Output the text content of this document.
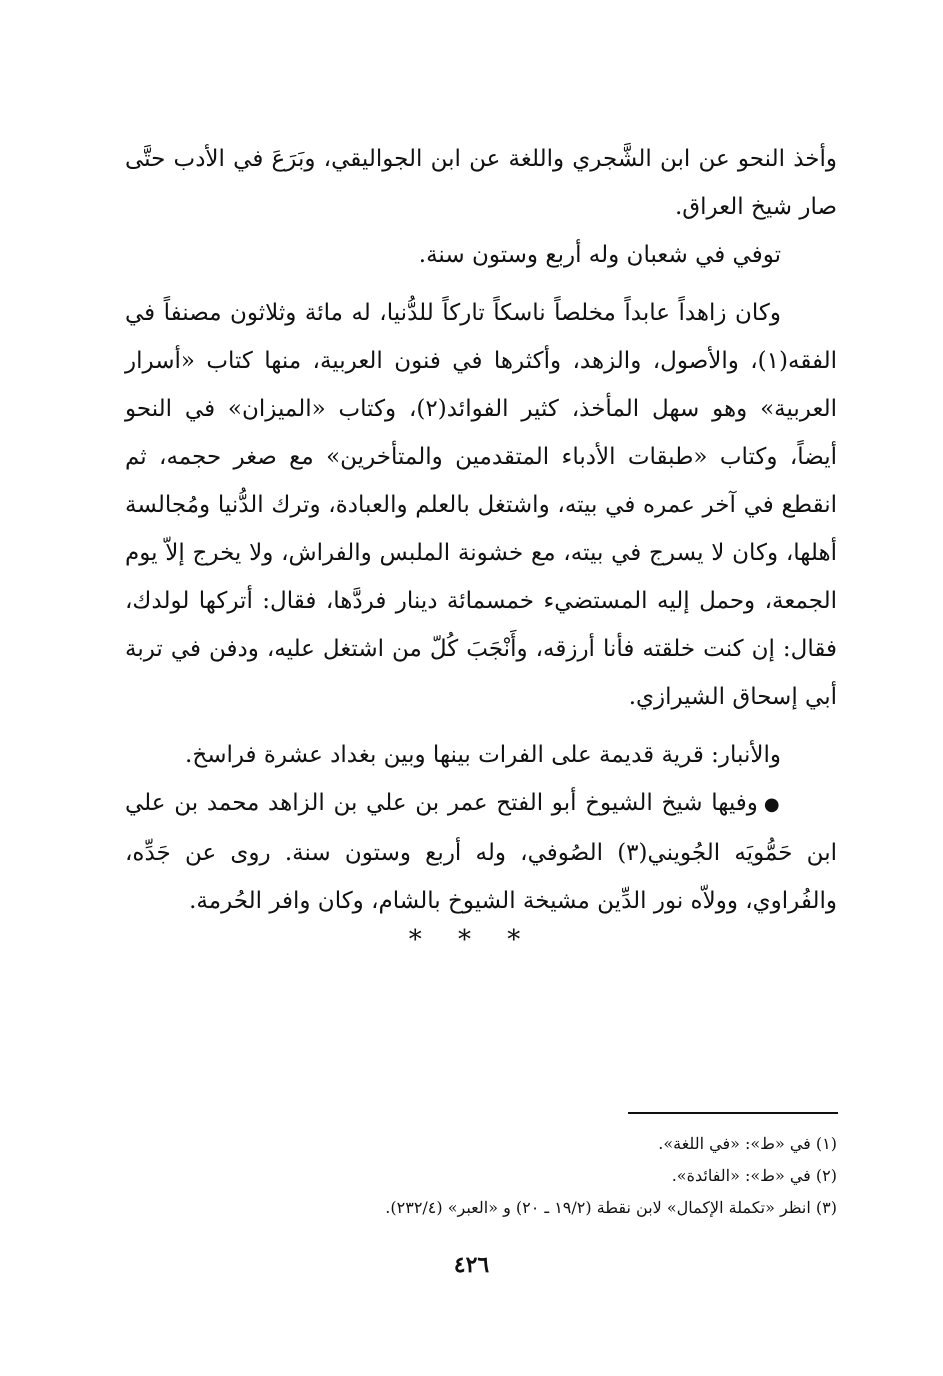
وأخذ النحو عن ابن الشَّجري واللغة عن ابن الجواليقي، وبَرَعَ في الأدب حتَّى صار شيخ العراق.

توفي في شعبان وله أربع وستون سنة.

وكان زاهداً عابداً مخلصاً ناسكاً تاركاً للدُّنيا، له مائة وثلاثون مصنفاً في الفقه(١)، والأصول، والزهد، وأكثرها في فنون العربية، منها كتاب «أسرار العربية» وهو سهل المأخذ، كثير الفوائد(٢)، وكتاب «الميزان» في النحو أيضاً، وكتاب «طبقات الأدباء المتقدمين والمتأخرين» مع صغر حجمه، ثم انقطع في آخر عمره في بيته، واشتغل بالعلم والعبادة، وترك الدُّنيا ومُجالسة أهلها، وكان لا يسرج في بيته، مع خشونة الملبس والفراش، ولا يخرج إلاّ يوم الجمعة، وحمل إليه المستضيء خمسمائة دينار فردَّها، فقال: أتركها لولدك، فقال: إن كنت خلقته فأنا أرزقه، وأَنْجَبَ كُلّ من اشتغل عليه، ودفن في تربة أبي إسحاق الشيرازي.

والأنبار: قرية قديمة على الفرات بينها وبين بغداد عشرة فراسخ.

●وفيها شيخ الشيوخ أبو الفتح عمر بن علي بن الزاهد محمد بن علي ابن حَمُّويَه الجُويني(٣) الصُوفي، وله أربع وستون سنة. روى عن جَدِّه، والفُراوي، وولاّه نور الدِّين مشيخة الشيوخ بالشام، وكان وافر الحُرمة.

* * *

(١) في «ط»: «في اللغة».

(٢) في «ط»: «الفائدة».

(٣) انظر «تكملة الإكمال» لابن نقطة (١٩/٢ ـ ٢٠) و «العبر» (٢٣٢/٤).

٤٢٦
